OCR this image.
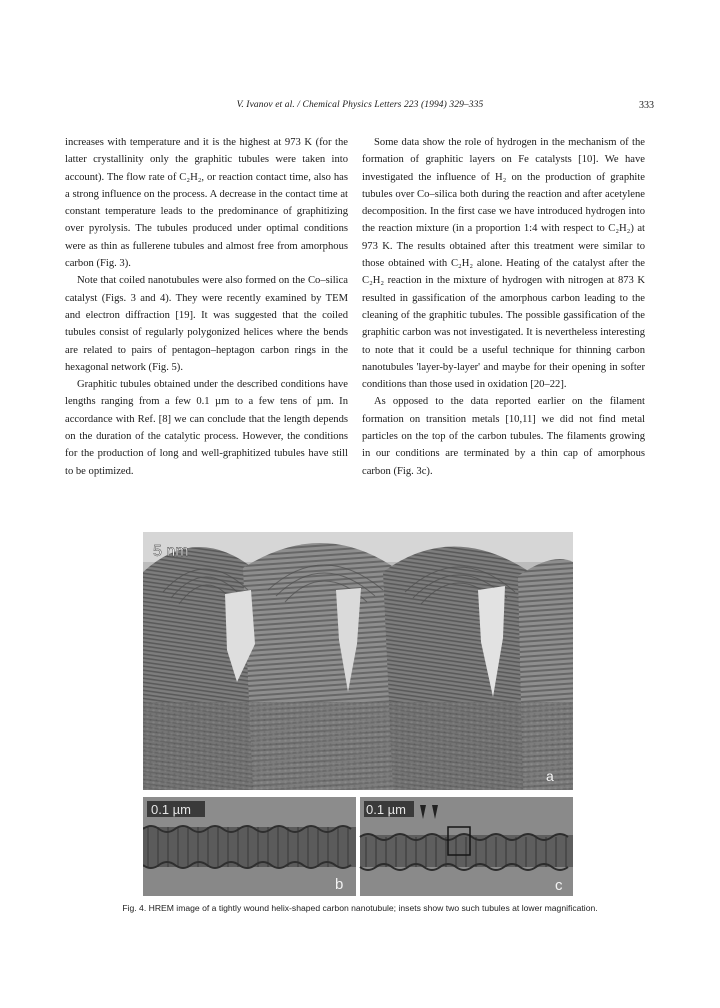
V. Ivanov et al. / Chemical Physics Letters 223 (1994) 329–335	333

increases with temperature and it is the highest at 973 K (for the latter crystallinity only the graphitic tubules were taken into account). The flow rate of C₂H₂, or reaction contact time, also has a strong influence on the process. A decrease in the contact time at constant temperature leads to the predominance of graphitizing over pyrolysis. The tubules produced under optimal conditions were as thin as fullerene tubules and almost free from amorphous carbon (Fig. 3).

Note that coiled nanotubules were also formed on the Co–silica catalyst (Figs. 3 and 4). They were recently examined by TEM and electron diffraction [19]. It was suggested that the coiled tubules consist of regularly polygonized helices where the bends are related to pairs of pentagon–heptagon carbon rings in the hexagonal network (Fig. 5).

Graphitic tubules obtained under the described conditions have lengths ranging from a few 0.1 µm to a few tens of µm. In accordance with Ref. [8] we can conclude that the length depends on the duration of the catalytic process. However, the conditions for the production of long and well-graphitized tubules have still to be optimized.

Some data show the role of hydrogen in the mechanism of the formation of graphitic layers on Fe catalysts [10]. We have investigated the influence of H₂ on the production of graphite tubules over Co–silica both during the reaction and after acetylene decomposition. In the first case we have introduced hydrogen into the reaction mixture (in a proportion 1:4 with respect to C₂H₂) at 973 K. The results obtained after this treatment were similar to those obtained with C₂H₂ alone. Heating of the catalyst after the C₂H₂ reaction in the mixture of hydrogen with nitrogen at 873 K resulted in gassification of the amorphous carbon leading to the cleaning of the graphitic tubules. The possible gassification of the graphitic carbon was not investigated. It is nevertheless interesting to note that it could be a useful technique for thinning carbon nanotubules 'layer-by-layer' and maybe for their opening in softer conditions than those used in oxidation [20–22].

As opposed to the data reported earlier on the filament formation on transition metals [10,11] we did not find metal particles on the top of the carbon tubules. The filaments growing in our conditions are terminated by a thin cap of amorphous carbon (Fig. 3c).

5 nm
a
0.1 µm
b
0.1 µm
c
Fig. 4. HREM image of a tightly wound helix-shaped carbon nanotubule; insets show two such tubules at lower magnification.
